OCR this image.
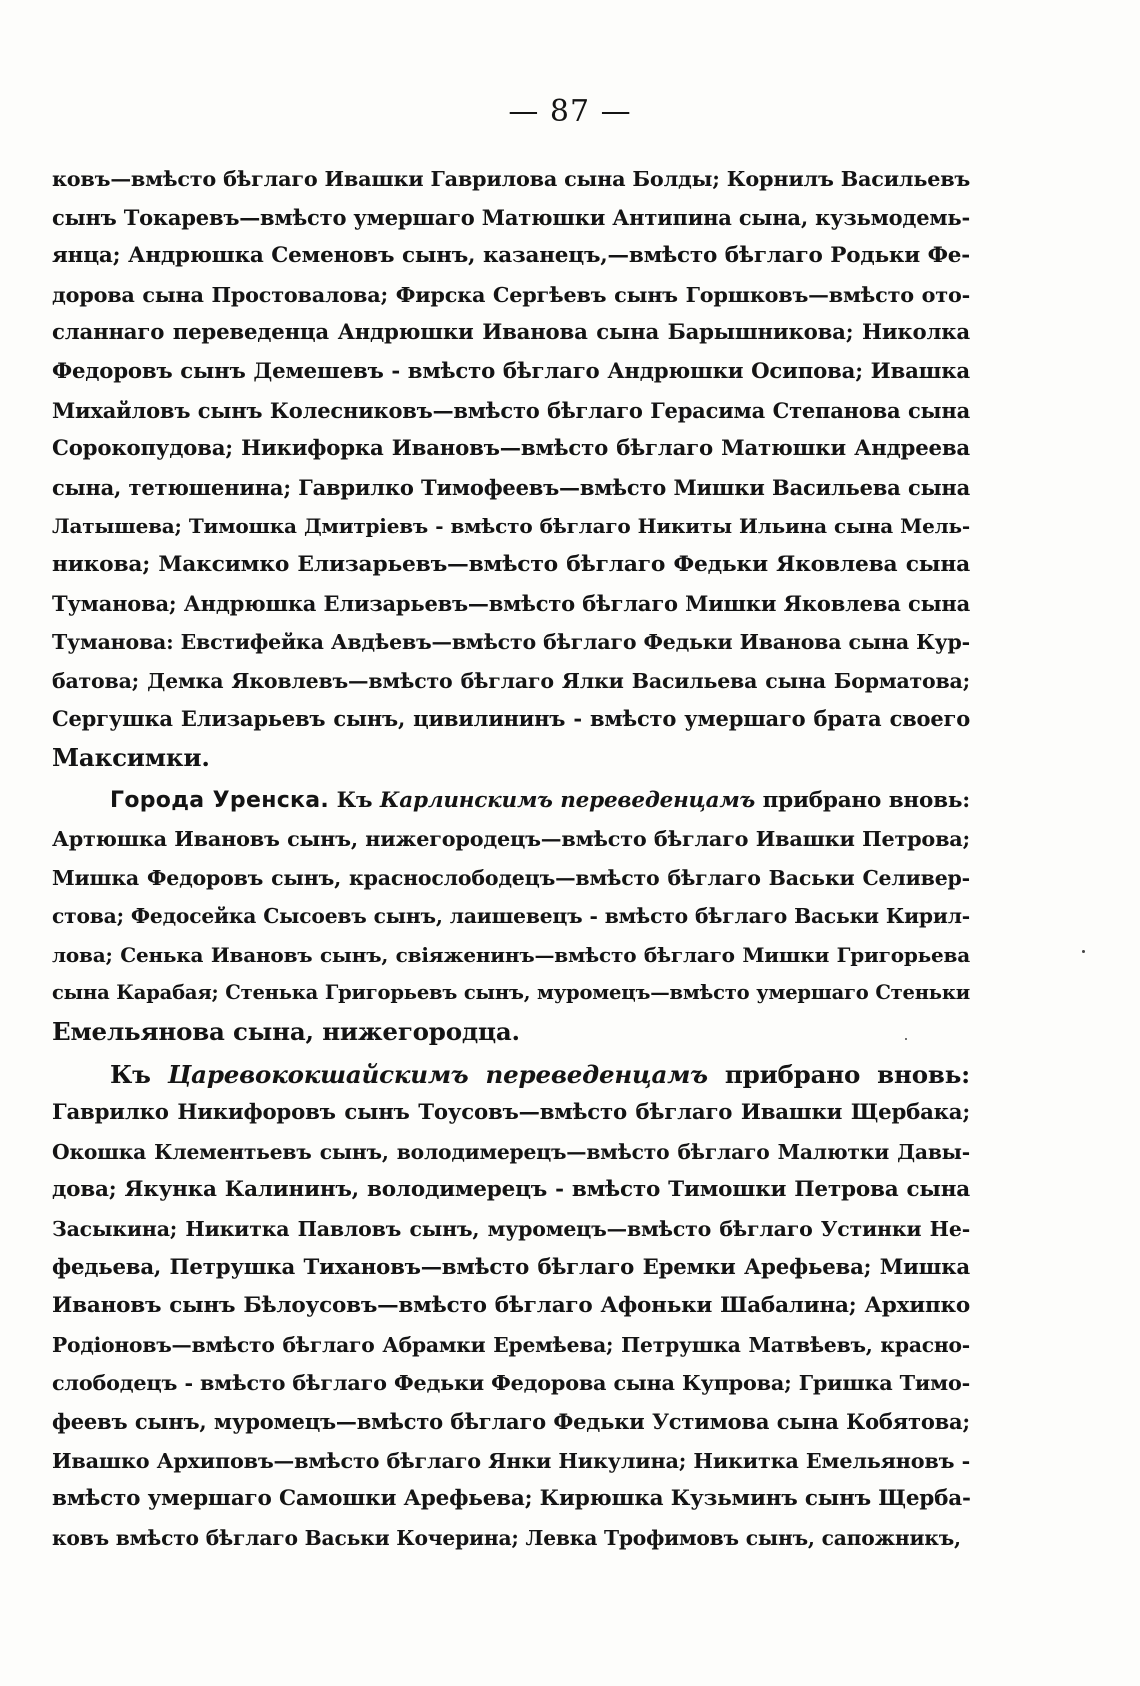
— 87 —
ковъ—вмѣсто бѣглаго Ивашки Гаврилова сына Болды; Корнилъ Васильевъ
сынъ Токаревъ—вмѣсто умершаго Матюшки Антипина сына, кузьмодемь-
янца; Андрюшка Семеновъ сынъ, казанецъ,—вмѣсто бѣглаго Родьки Фе-
дорова сына Простовалова; Фирска Сергѣевъ сынъ Горшковъ—вмѣсто ото-
сланнаго переведенца Андрюшки Иванова сына Барышникова; Николка
Федоровъ сынъ Демешевъ - вмѣсто бѣглаго Андрюшки Осипова; Ивашка
Михайловъ сынъ Колесниковъ—вмѣсто бѣглаго Герасима Степанова сына
Сорокопудова; Никифорка Ивановъ—вмѣсто бѣглаго Матюшки Андреева
сына, тетюшенина; Гаврилко Тимофеевъ—вмѣсто Мишки Васильева сына
Латышева; Тимошка Дмитріевъ - вмѣсто бѣглаго Никиты Ильина сына Мель-
никова; Максимко Елизарьевъ—вмѣсто бѣглаго Федьки Яковлева сына
Туманова; Андрюшка Елизарьевъ—вмѣсто бѣглаго Мишки Яковлева сына
Туманова: Евстифейка Авдѣевъ—вмѣсто бѣглаго Федьки Иванова сына Кур-
батова; Демка Яковлевъ—вмѣсто бѣглаго Ялки Васильева сына Борматова;
Сергушка Елизарьевъ сынъ, цивилининъ - вмѣсто умершаго брата своего
Максимки.
Города Уренска. Къ Карлинскимъ переведенцамъ прибрано вновь:
Артюшка Ивановъ сынъ, нижегородецъ—вмѣсто бѣглаго Ивашки Петрова;
Мишка Федоровъ сынъ, краснослободецъ—вмѣсто бѣглаго Васьки Селивер-
стова; Федосейка Сысоевъ сынъ, лаишевецъ - вмѣсто бѣглаго Васьки Кирил-
лова; Сенька Ивановъ сынъ, свіяженинъ—вмѣсто бѣглаго Мишки Григорьева
сына Карабая; Стенька Григорьевъ сынъ, муромецъ—вмѣсто умершаго Стеньки
Емельянова сына, нижегородца.
Къ Царевококшайскимъ переведенцамъ прибрано вновь:
Гаврилко Никифоровъ сынъ Тоусовъ—вмѣсто бѣглаго Ивашки Щербака;
Окошка Клементьевъ сынъ, володимерецъ—вмѣсто бѣглаго Малютки Давы-
дова; Якунка Калининъ, володимерецъ - вмѣсто Тимошки Петрова сына
Засыкина; Никитка Павловъ сынъ, муромецъ—вмѣсто бѣглаго Устинки Не-
федьева, Петрушка Тихановъ—вмѣсто бѣглаго Еремки Арефьева; Мишка
Ивановъ сынъ Бѣлоусовъ—вмѣсто бѣглаго Афоньки Шабалина; Архипко
Родіоновъ—вмѣсто бѣглаго Абрамки Еремѣева; Петрушка Матвѣевъ, красно-
слободецъ - вмѣсто бѣглаго Федьки Федорова сына Купрова; Гришка Тимо-
феевъ сынъ, муромецъ—вмѣсто бѣглаго Федьки Устимова сына Кобятова;
Ивашко Архиповъ—вмѣсто бѣглаго Янки Никулина; Никитка Емельяновъ -
вмѣсто умершаго Самошки Арефьева; Кирюшка Кузьминъ сынъ Щерба-
ковъ вмѣсто бѣглаго Васьки Кочерина; Левка Трофимовъ сынъ, сапожникъ,
